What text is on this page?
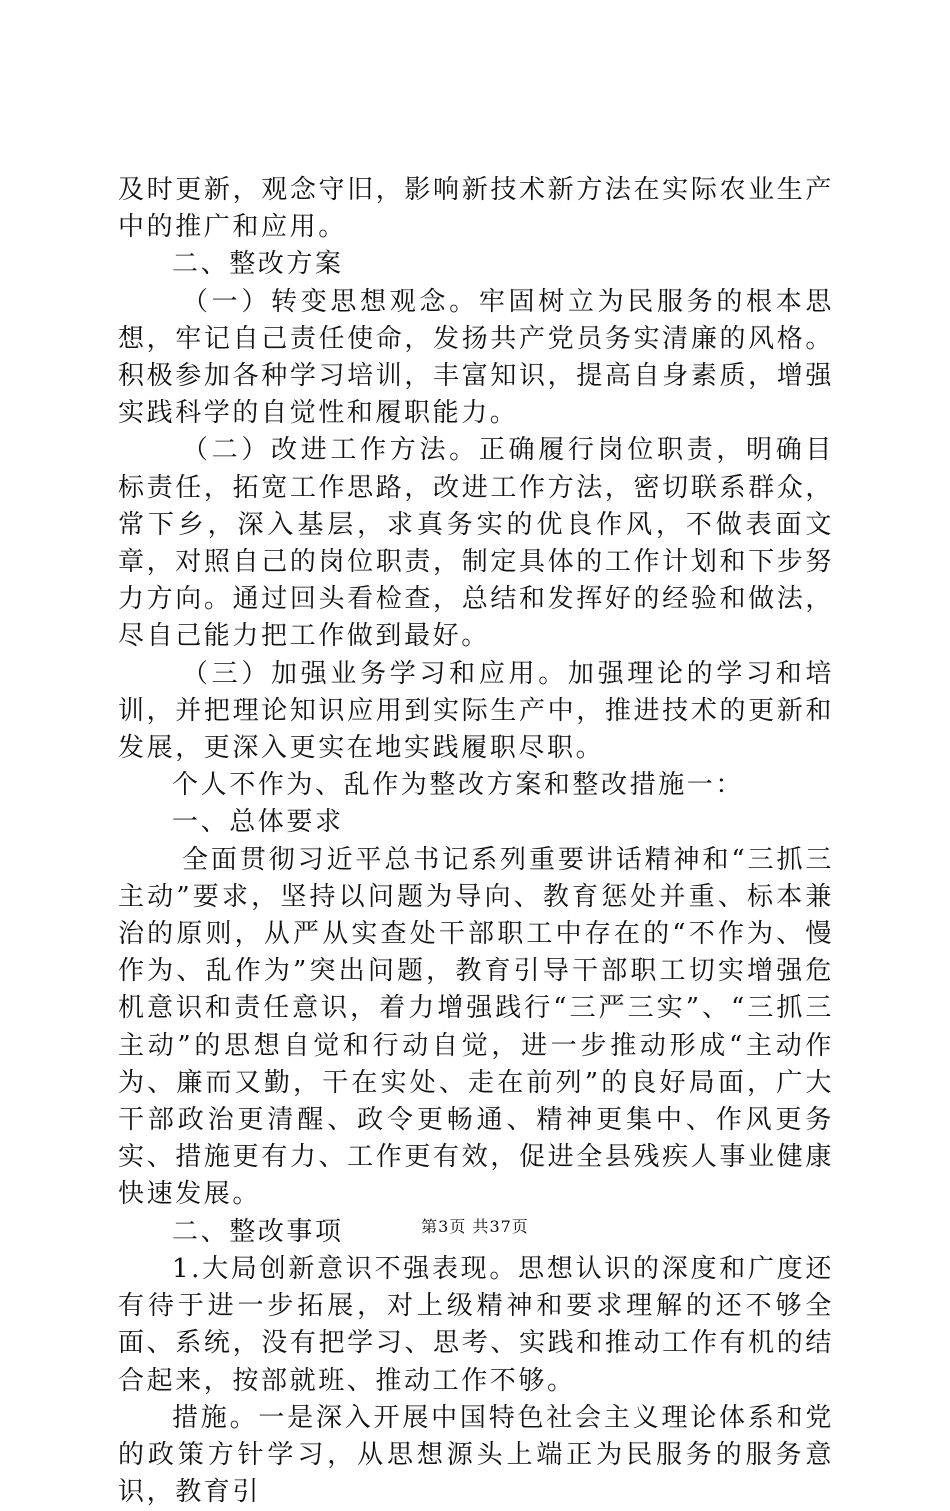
及时更新，观念守旧，影响新技术新方法在实际农业生产中的推广和应用。

二、整改方案

（一）转变思想观念。牢固树立为民服务的根本思想，牢记自己责任使命，发扬共产党员务实清廉的风格。积极参加各种学习培训，丰富知识，提高自身素质，增强实践科学的自觉性和履职能力。

（二）改进工作方法。正确履行岗位职责，明确目标责任，拓宽工作思路，改进工作方法，密切联系群众，常下乡，深入基层，求真务实的优良作风，不做表面文章，对照自己的岗位职责，制定具体的工作计划和下步努力方向。通过回头看检查，总结和发挥好的经验和做法，尽自己能力把工作做到最好。

（三）加强业务学习和应用。加强理论的学习和培训，并把理论知识应用到实际生产中，推进技术的更新和发展，更深入更实在地实践履职尽职。

个人不作为、乱作为整改方案和整改措施一：

一、总体要求

全面贯彻习近平总书记系列重要讲话精神和“三抓三主动”要求，坚持以问题为导向、教育惩处并重、标本兼治的原则，从严从实查处干部职工中存在的“不作为、慢作为、乱作为”突出问题，教育引导干部职工切实增强危机意识和责任意识，着力增强践行“三严三实”、“三抓三主动”的思想自觉和行动自觉，进一步推动形成“主动作为、廉而又勤，干在实处、走在前列”的良好局面，广大干部政治更清醒、政令更畅通、精神更集中、作风更务实、措施更有力、工作更有效，促进全县残疾人事业健康快速发展。

二、整改事项

1.大局创新意识不强表现。思想认识的深度和广度还有待于进一步拓展，对上级精神和要求理解的还不够全面、系统，没有把学习、思考、实践和推动工作有机的结合起来，按部就班、推动工作不够。

措施。一是深入开展中国特色社会主义理论体系和党的政策方针学习，从思想源头上端正为民服务的服务意识，教育引

第3页 共37页
